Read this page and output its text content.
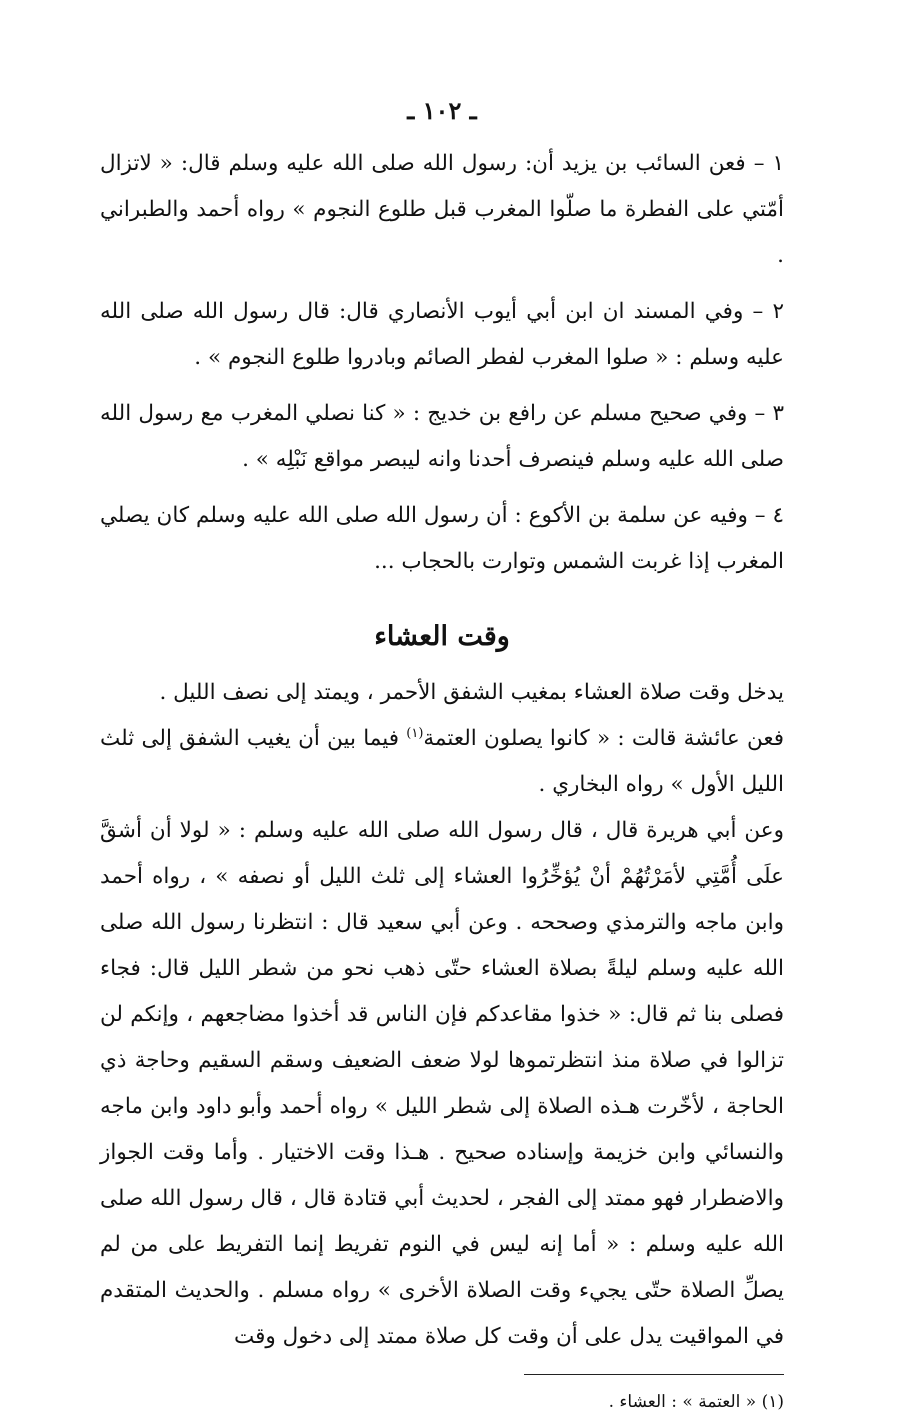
ـ ١٠٢ ـ

١ – فعن السائب بن يزيد أن: رسول الله صلى الله عليه وسلم قال: « لاتزال أمّتي على الفطرة ما صلّوا المغرب قبل طلوع النجوم » رواه أحمد والطبراني .

٢ – وفي المسند ان ابن أبي أيوب الأنصاري قال: قال رسول الله صلى الله عليه وسلم : « صلوا المغرب لفطر الصائم وبادروا طلوع النجوم » .

٣ – وفي صحيح مسلم عن رافع بن خديج : « كنا نصلي المغرب مع رسول الله صلى الله عليه وسلم فينصرف أحدنا وانه ليبصر مواقع نَبْلِه » .

٤ – وفيه عن سلمة بن الأكوع : أن رسول الله صلى الله عليه وسلم كان يصلي المغرب إذا غربت الشمس وتوارت بالحجاب ...

وقت العشاء

يدخل وقت صلاة العشاء بمغيب الشفق الأحمر ، ويمتد إلى نصف الليل .

فعن عائشة قالت : « كانوا يصلون العتمة$^{(١)}$ فيما بين أن يغيب الشفق إلى ثلث الليل الأول » رواه البخاري .

وعن أبي هريرة قال ، قال رسول الله صلى الله عليه وسلم : « لولا أن أشقَّ علَى أُمَّتِي لأمَرْتُهُمْ أنْ يُؤخِّرُوا العشاء إلى ثلث الليل أو نصفه » ، رواه أحمد وابن ماجه والترمذي وصححه . وعن أبي سعيد قال : انتظرنا رسول الله صلى الله عليه وسلم ليلةً بصلاة العشاء حتّى ذهب نحو من شطر الليل قال: فجاء فصلى بنا ثم قال: « خذوا مقاعدكم فإن الناس قد أخذوا مضاجعهم ، وإنكم لن تزالوا في صلاة منذ انتظرتموها لولا ضعف الضعيف وسقم السقيم وحاجة ذي الحاجة ، لأخّرت هـذه الصلاة إلى شطر الليل » رواه أحمد وأبو داود وابن ماجه والنسائي وابن خزيمة وإسناده صحيح . هـذا وقت الاختيار . وأما وقت الجواز والاضطرار فهو ممتد إلى الفجر ، لحديث أبي قتادة قال ، قال رسول الله صلى الله عليه وسلم : « أما إنه ليس في النوم تفريط إنما التفريط على من لم يصلِّ الصلاة حتّى يجيء وقت الصلاة الأخرى » رواه مسلم . والحديث المتقدم في المواقيت يدل على أن وقت كل صلاة ممتد إلى دخول وقت

(١) « العتمة » : العشاء .
